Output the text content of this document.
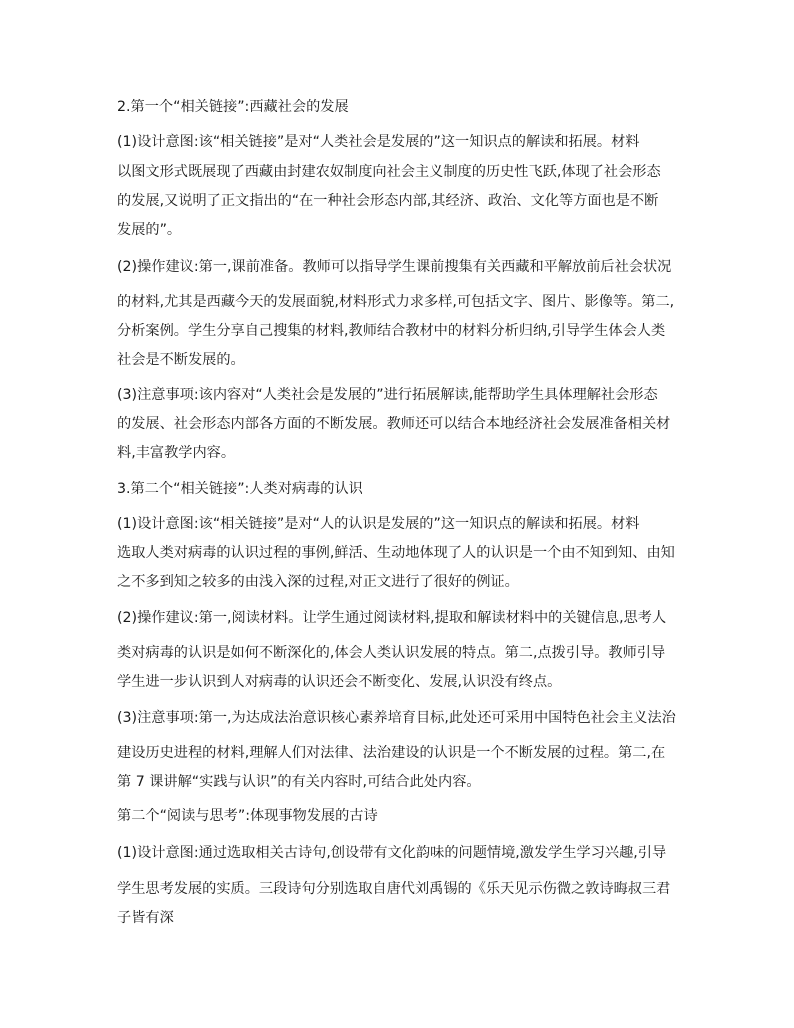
2.第一个“相关链接”:西藏社会的发展
(1)设计意图:该“相关链接”是对“人类社会是发展的”这一知识点的解读和拓展。材料
以图文形式既展现了西藏由封建农奴制度向社会主义制度的历史性飞跃,体现了社会形态
的发展,又说明了正文指出的“在一种社会形态内部,其经济、政治、文化等方面也是不断
发展的”。
(2)操作建议:第一,课前准备。教师可以指导学生课前搜集有关西藏和平解放前后社会状况
的材料,尤其是西藏今天的发展面貌,材料形式力求多样,可包括文字、图片、影像等。第二,
分析案例。学生分享自己搜集的材料,教师结合教材中的材料分析归纳,引导学生体会人类
社会是不断发展的。
(3)注意事项:该内容对“人类社会是发展的”进行拓展解读,能帮助学生具体理解社会形态
的发展、社会形态内部各方面的不断发展。教师还可以结合本地经济社会发展准备相关材
料,丰富教学内容。
3.第二个“相关链接”:人类对病毒的认识
(1)设计意图:该“相关链接”是对“人的认识是发展的”这一知识点的解读和拓展。材料
选取人类对病毒的认识过程的事例,鲜活、生动地体现了人的认识是一个由不知到知、由知
之不多到知之较多的由浅入深的过程,对正文进行了很好的例证。
(2)操作建议:第一,阅读材料。让学生通过阅读材料,提取和解读材料中的关键信息,思考人
类对病毒的认识是如何不断深化的,体会人类认识发展的特点。第二,点拨引导。教师引导
学生进一步认识到人对病毒的认识还会不断变化、发展,认识没有终点。
(3)注意事项:第一,为达成法治意识核心素养培育目标,此处还可采用中国特色社会主义法治
建设历史进程的材料,理解人们对法律、法治建设的认识是一个不断发展的过程。第二,在
第 7 课讲解“实践与认识”的有关内容时,可结合此处内容。
第二个“阅读与思考”:体现事物发展的古诗
(1)设计意图:通过选取相关古诗句,创设带有文化韵味的问题情境,激发学生学习兴趣,引导
学生思考发展的实质。三段诗句分别选取自唐代刘禹锡的《乐天见示伤微之敦诗晦叔三君
子皆有深
